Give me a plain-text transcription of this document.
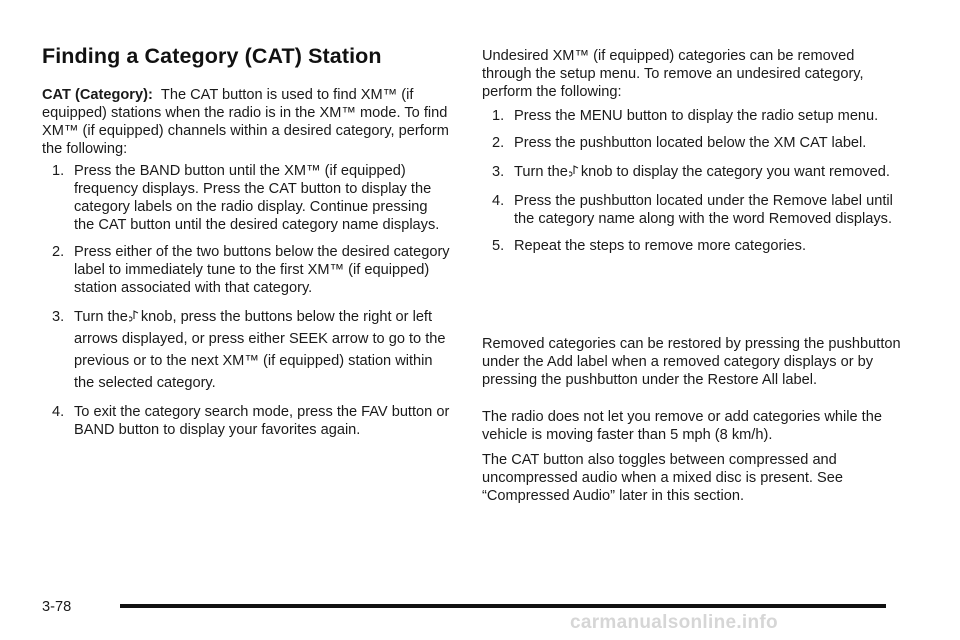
Finding a Category (CAT) Station

CAT (Category): The CAT button is used to find XM™ (if equipped) stations when the radio is in the XM™ mode. To find XM™ (if equipped) channels within a desired category, perform the following:

1. Press the BAND button until the XM™ (if equipped) frequency displays. Press the CAT button to display the category labels on the radio display. Continue pressing the CAT button until the desired category name displays.
2. Press either of the two buttons below the desired category label to immediately tune to the first XM™ (if equipped) station associated with that category.
3. Turn the knob, press the buttons below the right or left arrows displayed, or press either SEEK arrow to go to the previous or to the next XM™ (if equipped) station within the selected category.
4. To exit the category search mode, press the FAV button or BAND button to display your favorites again.

Undesired XM™ (if equipped) categories can be removed through the setup menu. To remove an undesired category, perform the following:

1. Press the MENU button to display the radio setup menu.
2. Press the pushbutton located below the XM CAT label.
3. Turn the knob to display the category you want removed.
4. Press the pushbutton located under the Remove label until the category name along with the word Removed displays.
5. Repeat the steps to remove more categories.

Removed categories can be restored by pressing the pushbutton under the Add label when a removed category displays or by pressing the pushbutton under the Restore All label.

The radio does not let you remove or add categories while the vehicle is moving faster than 5 mph (8 km/h).

The CAT button also toggles between compressed and uncompressed audio when a mixed disc is present. See “Compressed Audio” later in this section.

3-78
carmanualsonline.info
